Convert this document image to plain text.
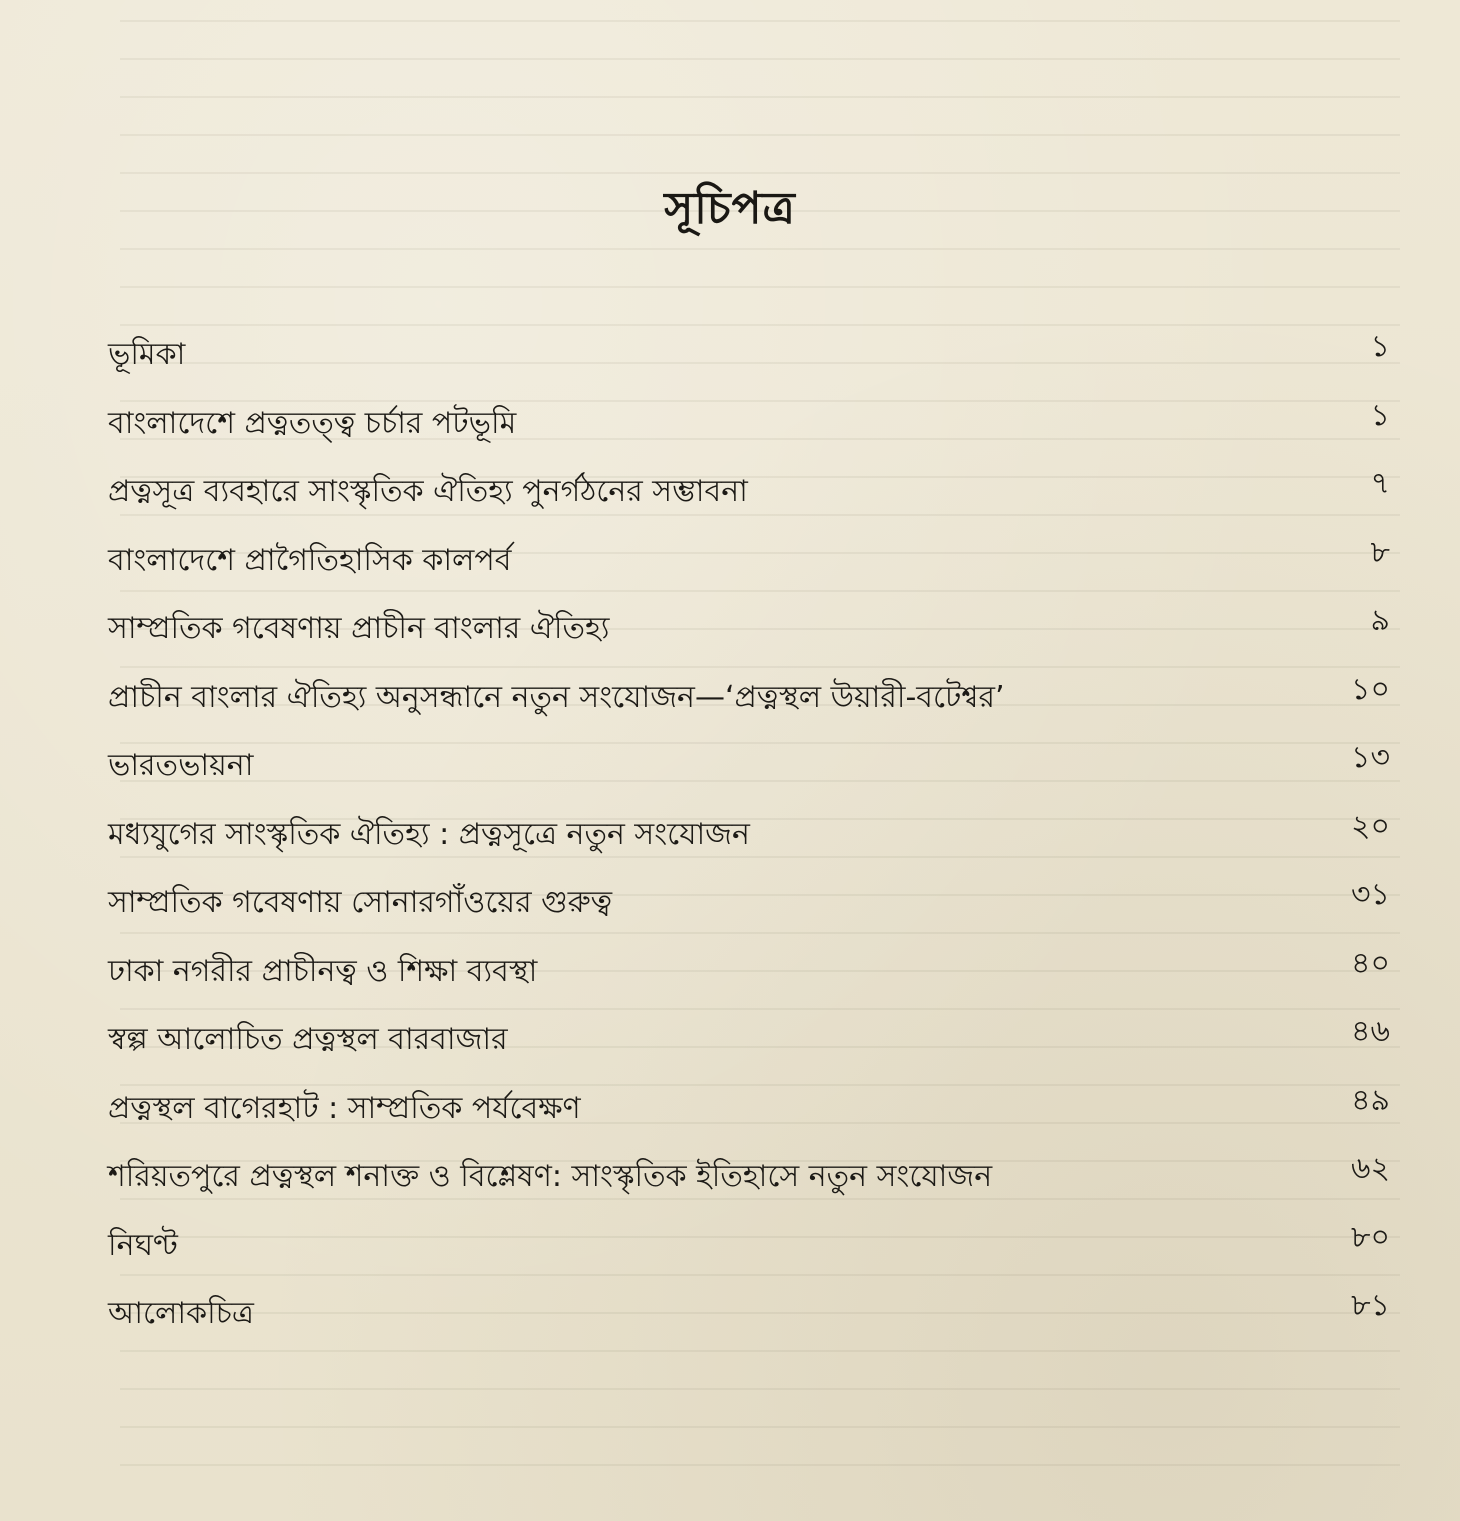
সূচিপত্র
ভূমিকা	১
বাংলাদেশে প্রত্নতত্ত্ব চর্চার পটভূমি	১
প্রত্নসূত্র ব্যবহারে সাংস্কৃতিক ঐতিহ্য পুনর্গঠনের সম্ভাবনা	৭
বাংলাদেশে প্রাগৈতিহাসিক কালপর্ব	৮
সাম্প্রতিক গবেষণায় প্রাচীন বাংলার ঐতিহ্য	৯
প্রাচীন বাংলার ঐতিহ্য অনুসন্ধানে নতুন সংযোজন—‘প্রত্নস্থল উয়ারী-বটেশ্বর’	১০
ভারতভায়না	১৩
মধ্যযুগের সাংস্কৃতিক ঐতিহ্য : প্রত্নসূত্রে নতুন সংযোজন	২০
সাম্প্রতিক গবেষণায় সোনারগাঁওয়ের গুরুত্ব	৩১
ঢাকা নগরীর প্রাচীনত্ব ও শিক্ষা ব্যবস্থা	৪০
স্বল্প আলোচিত প্রত্নস্থল বারবাজার	৪৬
প্রত্নস্থল বাগেরহাট : সাম্প্রতিক পর্যবেক্ষণ	৪৯
শরিয়তপুরে প্রত্নস্থল শনাক্ত ও বিশ্লেষণ: সাংস্কৃতিক ইতিহাসে নতুন সংযোজন	৬২
নিঘণ্ট	৮০
আলোকচিত্র	৮১
